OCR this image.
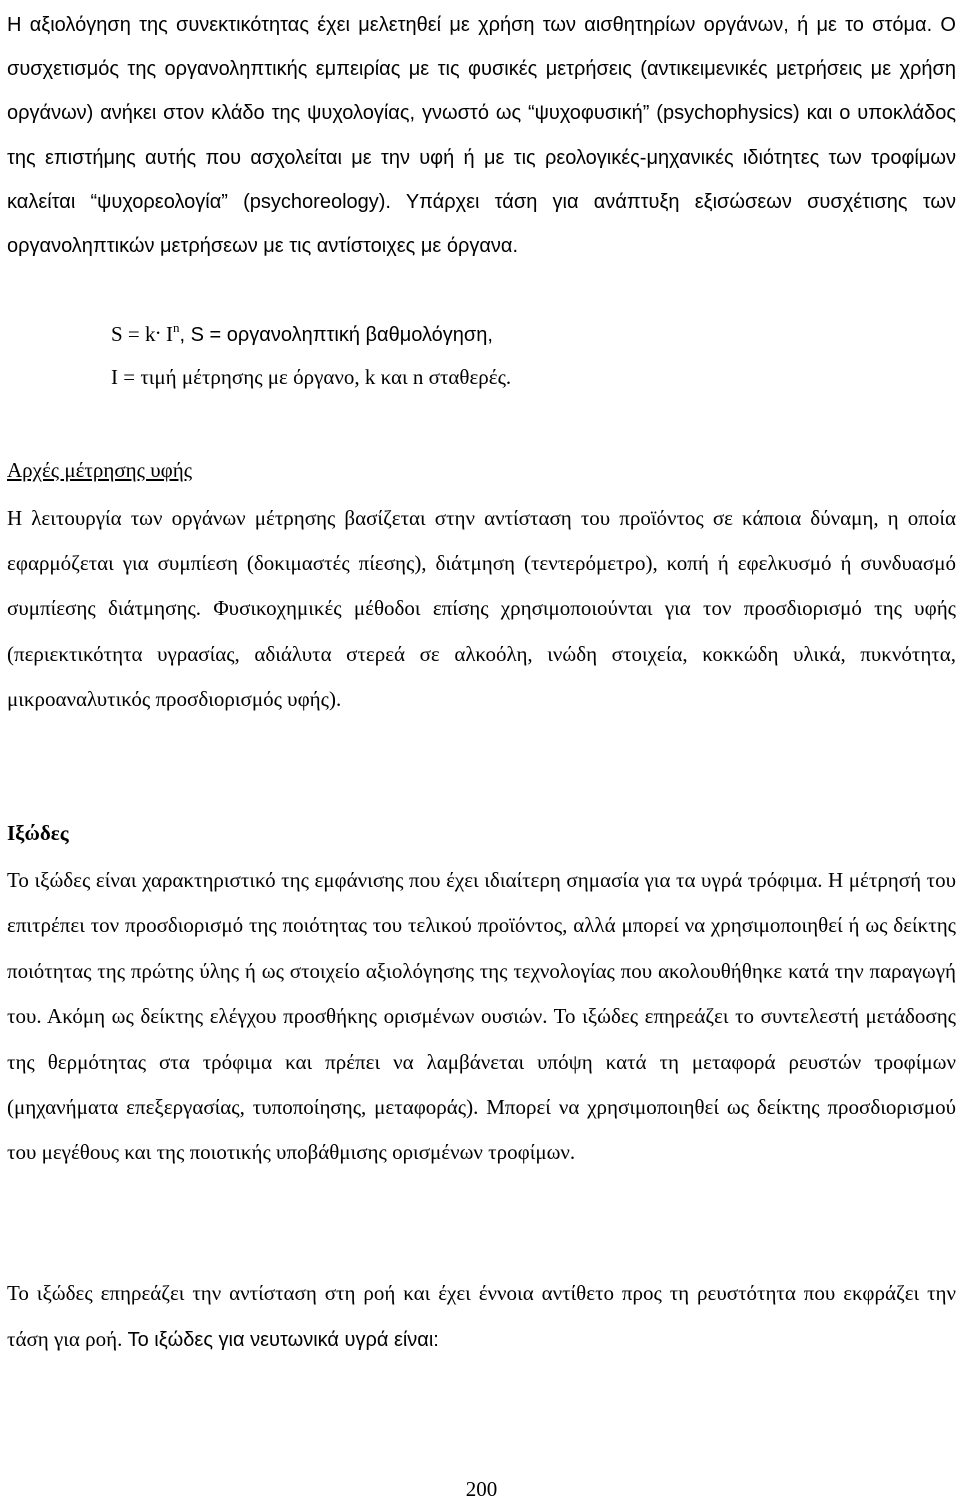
Η αξιολόγηση της συνεκτικότητας έχει μελετηθεί με χρήση των αισθητηρίων οργάνων, ή με το στόμα. Ο συσχετισμός της οργανοληπτικής εμπειρίας με τις φυσικές μετρήσεις (αντικειμενικές μετρήσεις με χρήση οργάνων) ανήκει στον κλάδο της ψυχολογίας, γνωστό ως “ψυχοφυσική” (psychophysics) και ο υποκλάδος της επιστήμης αυτής που ασχολείται με την υφή ή με τις ρεολογικές-μηχανικές ιδιότητες των τροφίμων καλείται “ψυχορεολογία” (psychoreology). Υπάρχει τάση για ανάπτυξη εξισώσεων συσχέτισης των οργανοληπτικών μετρήσεων με τις αντίστοιχες με όργανα.

S = k. $I^n$, S = οργανοληπτική βαθμολόγηση,

I = τιμή μέτρησης με όργανο, k και n σταθερές.

Αρχές μέτρησης υφής

Η λειτουργία των οργάνων μέτρησης βασίζεται στην αντίσταση του προϊόντος σε κάποια δύναμη, η οποία εφαρμόζεται για συμπίεση (δοκιμαστές πίεσης), διάτμηση (τεντερόμετρο), κοπή ή εφελκυσμό ή συνδυασμό συμπίεσης διάτμησης. Φυσικοχημικές μέθοδοι επίσης χρησιμοποιούνται για τον προσδιορισμό της υφής (περιεκτικότητα υγρασίας, αδιάλυτα στερεά σε αλκοόλη, ινώδη στοιχεία, κοκκώδη υλικά, πυκνότητα, μικροαναλυτικός προσδιορισμός υφής).

Ιξώδες

Το ιξώδες είναι χαρακτηριστικό της εμφάνισης που έχει ιδιαίτερη σημασία για τα υγρά τρόφιμα. Η μέτρησή του επιτρέπει τον προσδιορισμό της ποιότητας του τελικού προϊόντος, αλλά μπορεί να χρησιμοποιηθεί ή ως δείκτης ποιότητας της πρώτης ύλης ή ως στοιχείο αξιολόγησης της τεχνολογίας που ακολουθήθηκε κατά την παραγωγή του. Ακόμη ως δείκτης ελέγχου προσθήκης ορισμένων ουσιών. Το ιξώδες επηρεάζει το συντελεστή μετάδοσης της θερμότητας στα τρόφιμα και πρέπει να λαμβάνεται υπόψη κατά τη μεταφορά ρευστών τροφίμων (μηχανήματα επεξεργασίας, τυποποίησης, μεταφοράς). Μπορεί να χρησιμοποιηθεί ως δείκτης προσδιορισμού του μεγέθους και της ποιοτικής υποβάθμισης ορισμένων τροφίμων.

Το ιξώδες επηρεάζει την αντίσταση στη ροή και έχει έννοια αντίθετο προς τη ρευστότητα που εκφράζει την τάση για ροή. Το ιξώδες για νευτωνικά υγρά είναι:

200
